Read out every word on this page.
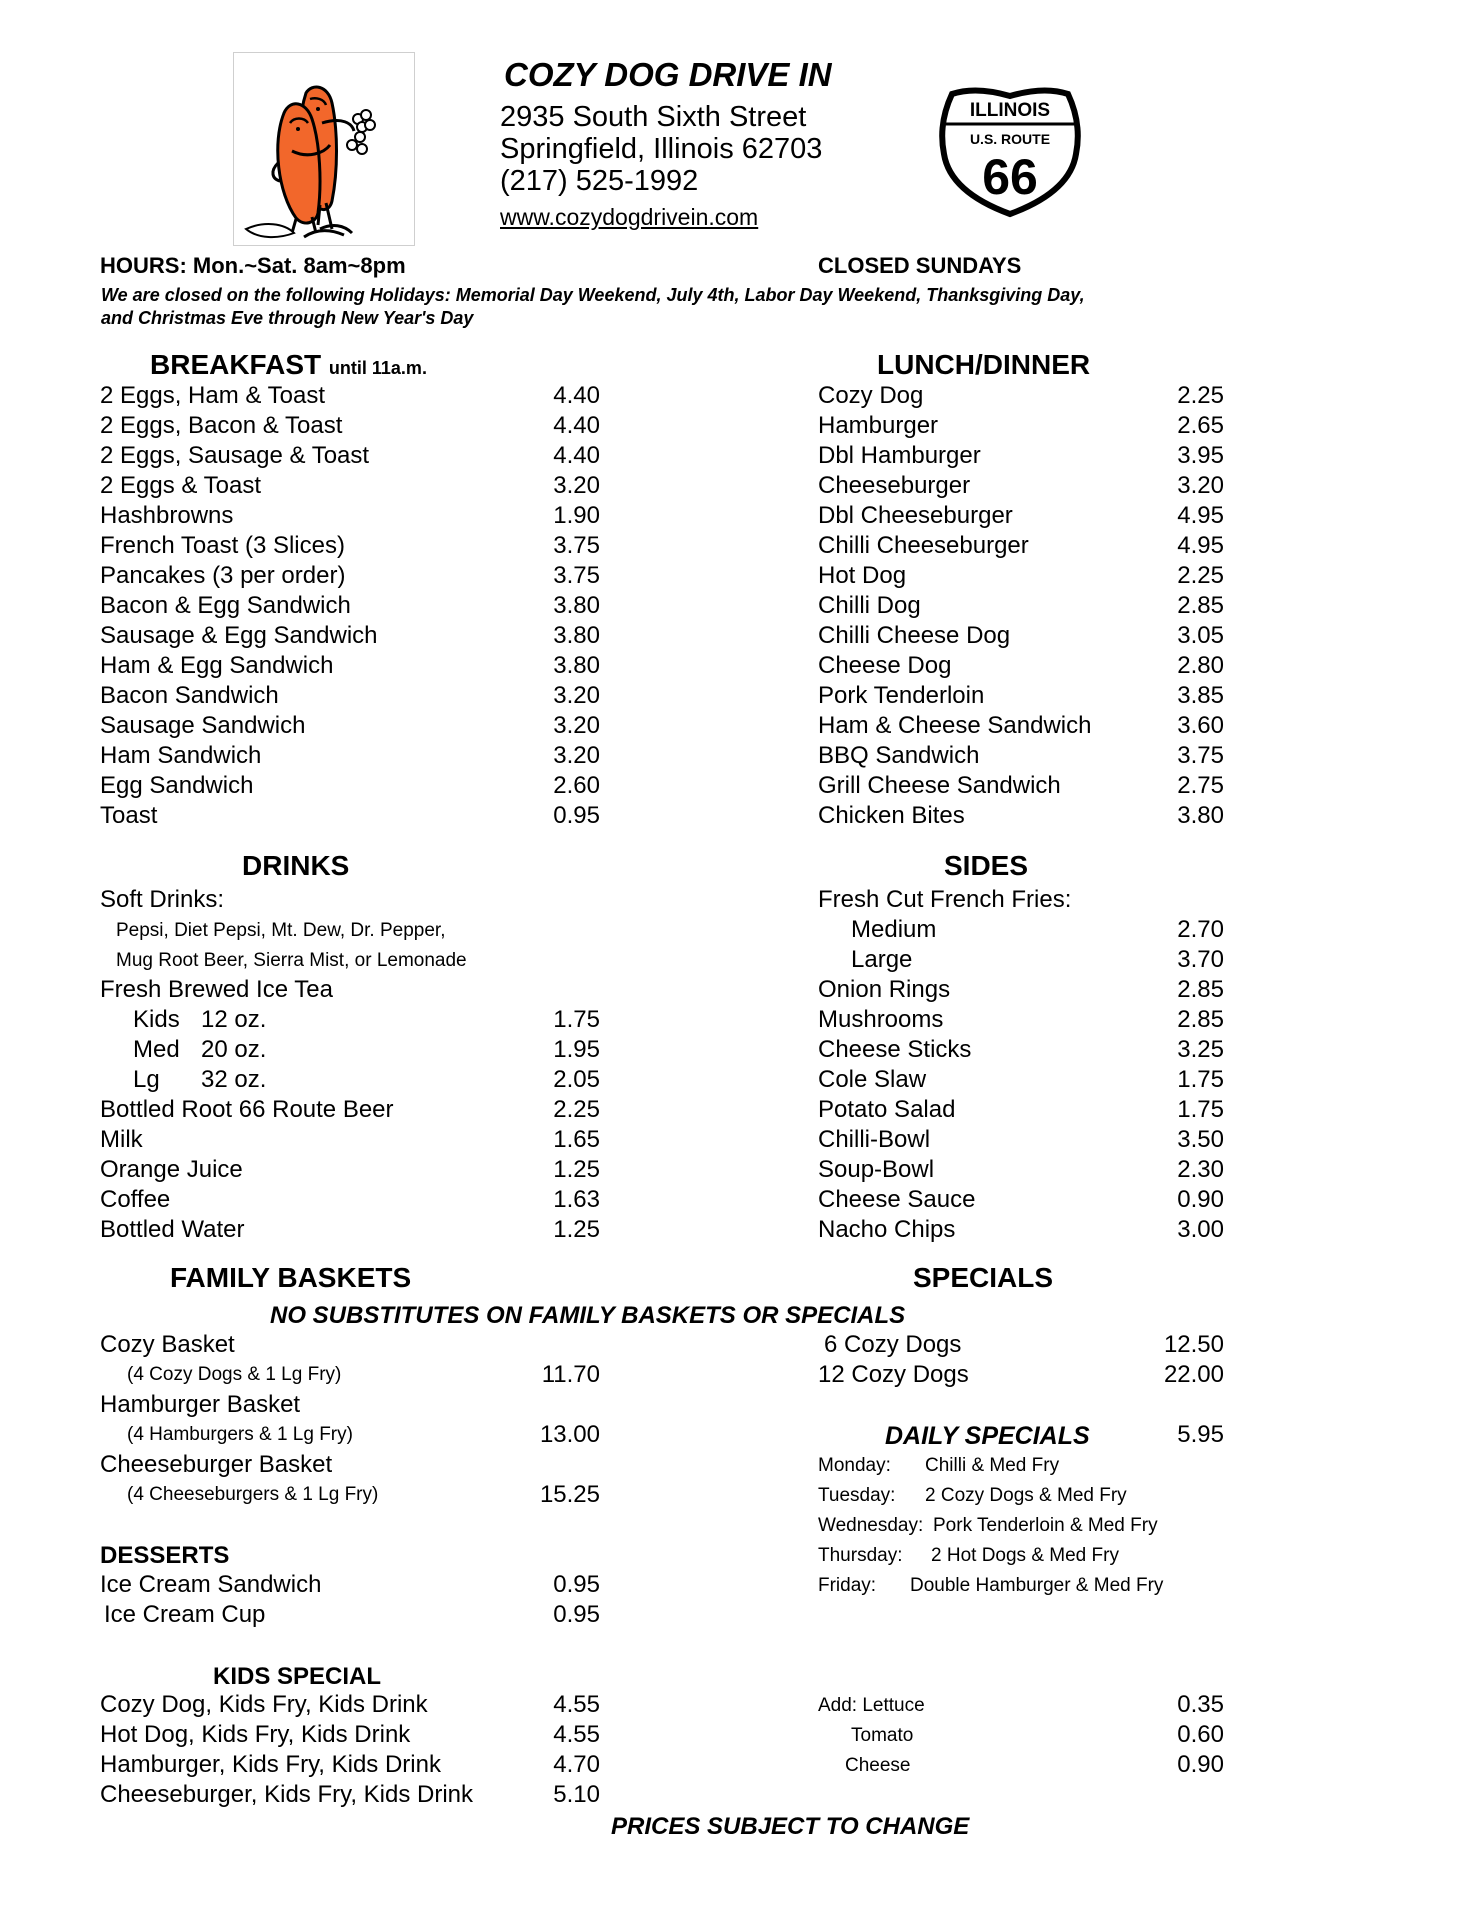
COZY DOG DRIVE IN
2935 South Sixth Street
Springfield, Illinois 62703
(217) 525-1992
www.cozydogdrivein.com
ILLINOIS
U.S. ROUTE
66
HOURS: Mon.~Sat. 8am~8pm	CLOSED SUNDAYS
We are closed on the following Holidays: Memorial Day Weekend, July 4th, Labor Day Weekend, Thanksgiving Day,
and Christmas Eve through New Year's Day
BREAKFAST until 11a.m.	LUNCH/DINNER
2 Eggs, Ham & Toast	4.40
2 Eggs, Bacon & Toast	4.40
2 Eggs, Sausage & Toast	4.40
2 Eggs & Toast	3.20
Hashbrowns	1.90
French Toast (3 Slices)	3.75
Pancakes (3 per order)	3.75
Bacon & Egg Sandwich	3.80
Sausage & Egg Sandwich	3.80
Ham & Egg Sandwich	3.80
Bacon Sandwich	3.20
Sausage Sandwich	3.20
Ham Sandwich	3.20
Egg Sandwich	2.60
Toast	0.95
Cozy Dog	2.25
Hamburger	2.65
Dbl Hamburger	3.95
Cheeseburger	3.20
Dbl Cheeseburger	4.95
Chilli Cheeseburger	4.95
Hot Dog	2.25
Chilli Dog	2.85
Chilli Cheese Dog	3.05
Cheese Dog	2.80
Pork Tenderloin	3.85
Ham & Cheese Sandwich	3.60
BBQ Sandwich	3.75
Grill Cheese Sandwich	2.75
Chicken Bites	3.80
DRINKS	SIDES
Soft Drinks:
Pepsi, Diet Pepsi, Mt. Dew, Dr. Pepper,
Mug Root Beer, Sierra Mist, or Lemonade
Fresh Brewed Ice Tea
Kids 12 oz.	1.75
Med 20 oz.	1.95
Lg 32 oz.	2.05
Bottled Root 66 Route Beer	2.25
Milk	1.65
Orange Juice	1.25
Coffee	1.63
Bottled Water	1.25
Fresh Cut French Fries:
Medium	2.70
Large	3.70
Onion Rings	2.85
Mushrooms	2.85
Cheese Sticks	3.25
Cole Slaw	1.75
Potato Salad	1.75
Chilli-Bowl	3.50
Soup-Bowl	2.30
Cheese Sauce	0.90
Nacho Chips	3.00
FAMILY BASKETS	SPECIALS
NO SUBSTITUTES ON FAMILY BASKETS OR SPECIALS
Cozy Basket
(4 Cozy Dogs & 1 Lg Fry)	11.70
Hamburger Basket
(4 Hamburgers & 1 Lg Fry)	13.00
Cheeseburger Basket
(4 Cheeseburgers & 1 Lg Fry)	15.25
6 Cozy Dogs	12.50
12 Cozy Dogs	22.00
DAILY SPECIALS	5.95
Monday: Chilli & Med Fry
Tuesday: 2 Cozy Dogs & Med Fry
Wednesday: Pork Tenderloin & Med Fry
Thursday: 2 Hot Dogs & Med Fry
Friday: Double Hamburger & Med Fry
DESSERTS
Ice Cream Sandwich	0.95
Ice Cream Cup	0.95
KIDS SPECIAL
Cozy Dog, Kids Fry, Kids Drink	4.55
Hot Dog, Kids Fry, Kids Drink	4.55
Hamburger, Kids Fry, Kids Drink	4.70
Cheeseburger, Kids Fry, Kids Drink	5.10
Add: Lettuce	0.35
Tomato	0.60
Cheese	0.90
PRICES SUBJECT TO CHANGE
